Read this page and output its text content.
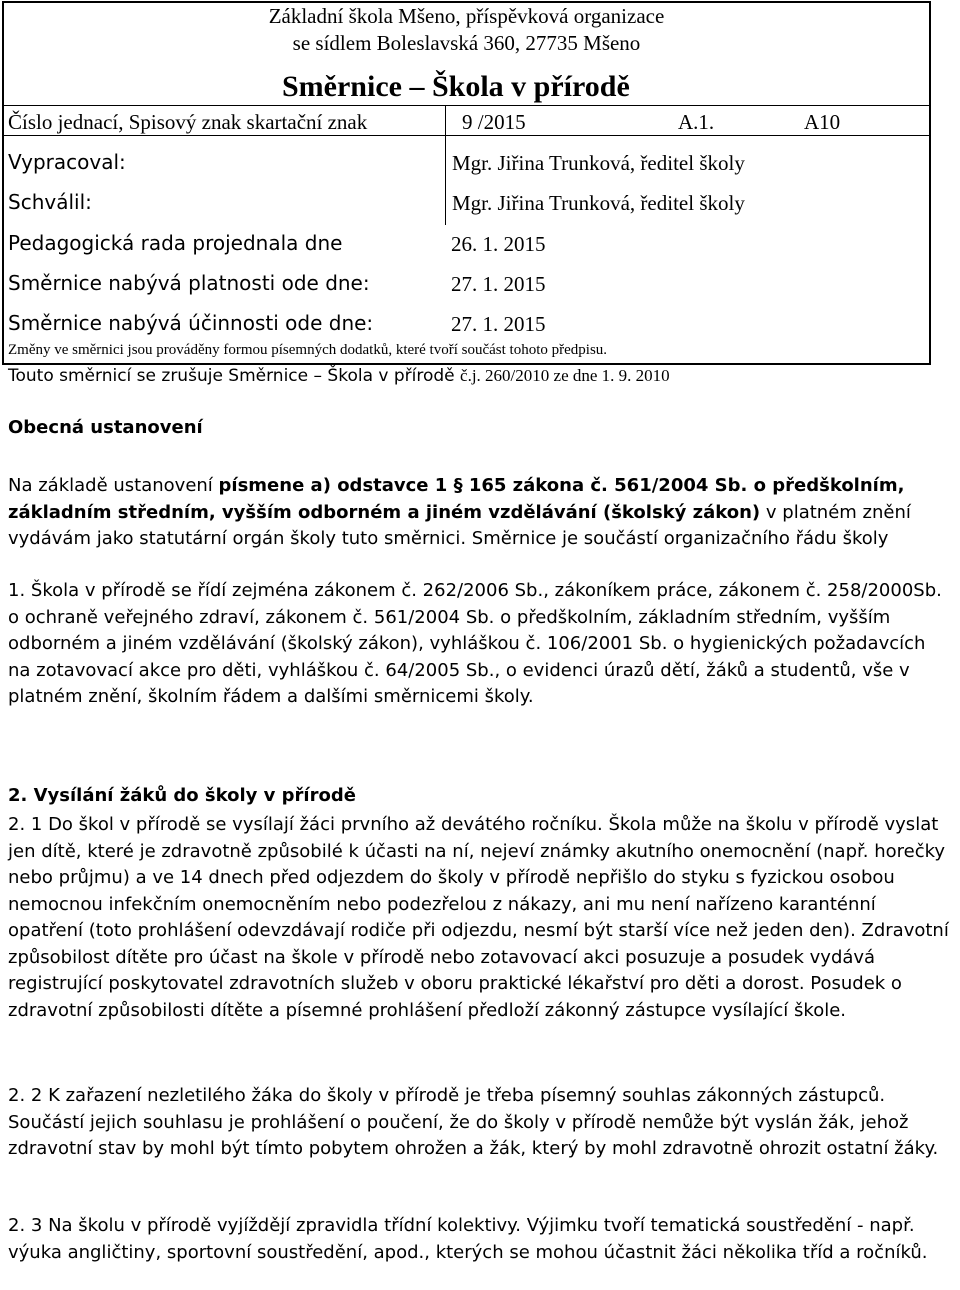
Základní škola Mšeno, příspěvková organizace
se sídlem Boleslavská 360, 27735 Mšeno
Směrnice – Škola v přírodě
Číslo jednací, Spisový znak skartační znak	9 /2015	A.1.	A10
Vypracoval:	Mgr. Jiřina Trunková, ředitel školy
Schválil:	Mgr. Jiřina Trunková, ředitel školy
Pedagogická rada projednala dne	26. 1. 2015
Směrnice nabývá platnosti ode dne:	27. 1. 2015
Směrnice nabývá účinnosti ode dne:	27. 1. 2015
Změny ve směrnici jsou prováděny formou písemných dodatků, které tvoří součást tohoto předpisu.
Touto směrnicí se zrušuje Směrnice – Škola v přírodě č.j. 260/2010 ze dne 1. 9. 2010
Obecná ustanovení

Na základě ustanovení písmene a) odstavce 1 § 165 zákona č. 561/2004 Sb. o předškolním, základním středním, vyšším odborném a jiném vzdělávání (školský zákon) v platném znění vydávám jako statutární orgán školy tuto směrnici. Směrnice je součástí organizačního řádu školy

1. Škola v přírodě se řídí zejména zákonem č. 262/2006 Sb., zákoníkem práce, zákonem č. 258/2000Sb. o ochraně veřejného zdraví, zákonem č. 561/2004 Sb. o předškolním, základním středním, vyšším odborném a jiném vzdělávání (školský zákon), vyhláškou č. 106/2001 Sb. o hygienických požadavcích na zotavovací akce pro děti, vyhláškou č. 64/2005 Sb., o evidenci úrazů dětí, žáků a studentů, vše v platném znění, školním řádem a dalšími směrnicemi školy.

2. Vysílání žáků do školy v přírodě

2. 1 Do škol v přírodě se vysílají žáci prvního až devátého ročníku. Škola může na školu v přírodě vyslat jen dítě, které je zdravotně způsobilé k účasti na ní, nejeví známky akutního onemocnění (např. horečky nebo průjmu) a ve 14 dnech před odjezdem do školy v přírodě nepřišlo do styku s fyzickou osobou nemocnou infekčním onemocněním nebo podezřelou z nákazy, ani mu není nařízeno karanténní opatření (toto prohlášení odevzdávají rodiče při odjezdu, nesmí být starší více než jeden den). Zdravotní způsobilost dítěte pro účast na škole v přírodě nebo zotavovací akci posuzuje a posudek vydává registrující poskytovatel zdravotních služeb v oboru praktické lékařství pro děti a dorost. Posudek o zdravotní způsobilosti dítěte a písemné prohlášení předloží zákonný zástupce vysílající škole.

2. 2 K zařazení nezletilého žáka do školy v přírodě je třeba písemný souhlas zákonných zástupců. Součástí jejich souhlasu je prohlášení o poučení, že do školy v přírodě nemůže být vyslán žák, jehož zdravotní stav by mohl být tímto pobytem ohrožen a žák, který by mohl zdravotně ohrozit ostatní žáky.

2. 3 Na školu v přírodě vyjíždějí zpravidla třídní kolektivy. Výjimku tvoří tematická soustředění - např. výuka angličtiny, sportovní soustředění, apod., kterých se mohou účastnit žáci několika tříd a ročníků.
